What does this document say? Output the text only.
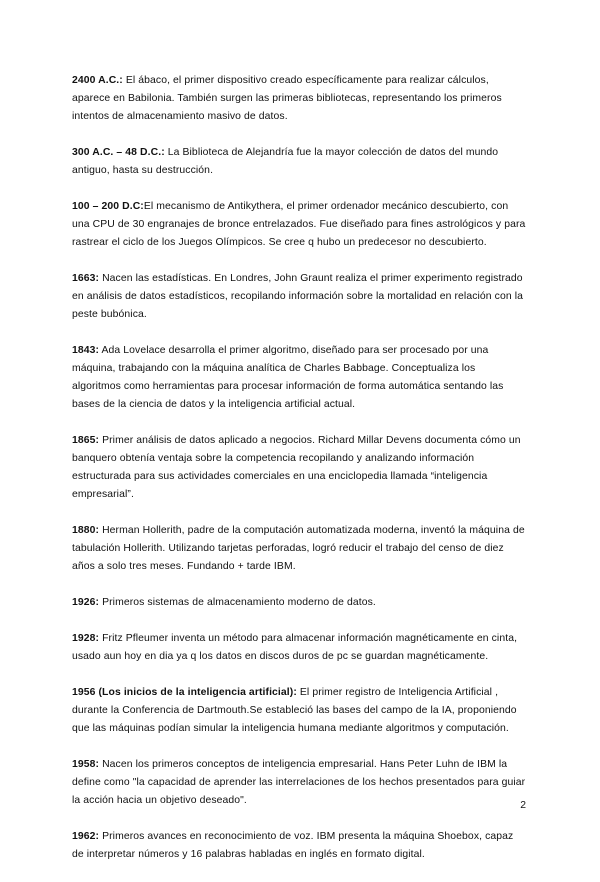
2400 A.C.: El ábaco, el primer dispositivo creado específicamente para realizar cálculos, aparece en Babilonia. También surgen las primeras bibliotecas, representando los primeros intentos de almacenamiento masivo de datos.

300 A.C. – 48 D.C.: La Biblioteca de Alejandría fue la mayor colección de datos del mundo antiguo, hasta su destrucción.

100 – 200 D.C:El mecanismo de Antikythera, el primer ordenador mecánico descubierto, con una CPU de 30 engranajes de bronce entrelazados. Fue diseñado para fines astrológicos y para rastrear el ciclo de los Juegos Olímpicos. Se cree q hubo un predecesor no descubierto.

1663: Nacen las estadísticas. En Londres, John Graunt realiza el primer experimento registrado en análisis de datos estadísticos, recopilando información sobre la mortalidad en relación con la peste bubónica.

1843: Ada Lovelace desarrolla el primer algoritmo, diseñado para ser procesado por una máquina, trabajando con la máquina analítica de Charles Babbage. Conceptualiza los algoritmos como herramientas para procesar información de forma automática sentando las bases de la ciencia de datos y la inteligencia artificial actual.

1865: Primer análisis de datos aplicado a negocios. Richard Millar Devens documenta cómo un banquero obtenía ventaja sobre la competencia recopilando y analizando información estructurada para sus actividades comerciales en una enciclopedia llamada “inteligencia empresarial”.

1880: Herman Hollerith, padre de la computación automatizada moderna, inventó la máquina de tabulación Hollerith. Utilizando tarjetas perforadas, logró reducir el trabajo del censo de diez años a solo tres meses. Fundando + tarde IBM.

1926: Primeros sistemas de almacenamiento moderno de datos.

1928: Fritz Pfleumer inventa un método para almacenar información magnéticamente en cinta, usado aun hoy en dia ya q los datos en discos duros de pc se guardan magnéticamente.

1956 (Los inicios de la inteligencia artificial): El primer registro de Inteligencia Artificial , durante la Conferencia de Dartmouth.Se estableció las bases del campo de la IA, proponiendo que las máquinas podían simular la inteligencia humana mediante algoritmos y computación.

1958: Nacen los primeros conceptos de inteligencia empresarial. Hans Peter Luhn de IBM la define como "la capacidad de aprender las interrelaciones de los hechos presentados para guiar la acción hacia un objetivo deseado".

1962: Primeros avances en reconocimiento de voz. IBM presenta la máquina Shoebox, capaz de interpretar números y 16 palabras habladas en inglés en formato digital.

2
